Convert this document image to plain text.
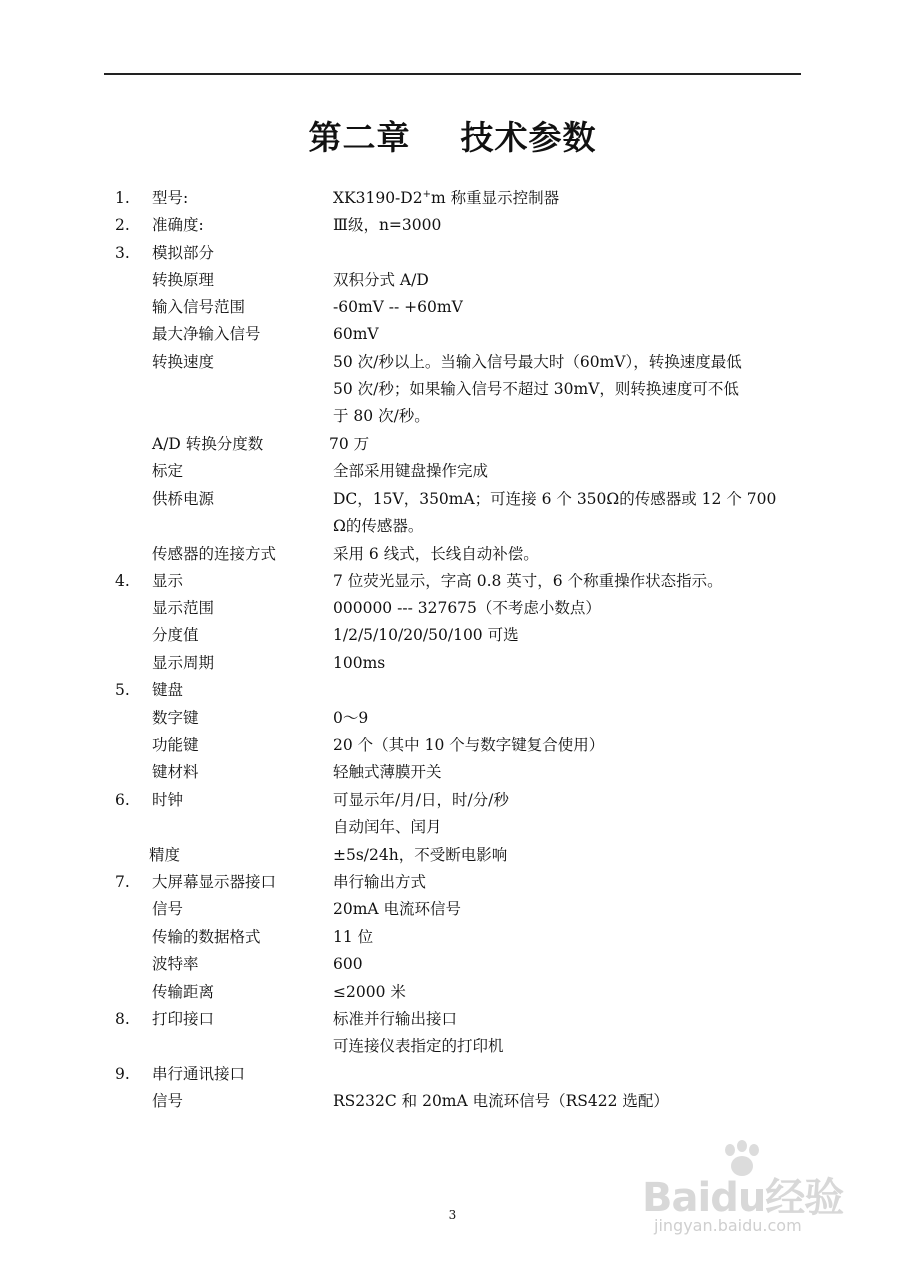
第二章 技术参数
1. 型号:	XK3190-D2+m 称重显示控制器
2. 准确度:	Ⅲ级，n=3000
3. 模拟部分
转换原理	双积分式 A/D
输入信号范围	-60mV -- +60mV
最大净输入信号	60mV
转换速度	50 次/秒以上。当输入信号最大时（60mV），转换速度最低
50 次/秒；如果输入信号不超过 30mV，则转换速度可不低
于 80 次/秒。
A/D 转换分度数	70 万
标定	全部采用键盘操作完成
供桥电源	DC，15V，350mA；可连接 6 个 350Ω的传感器或 12 个 700
Ω的传感器。
传感器的连接方式	采用 6 线式，长线自动补偿。
4. 显示	7 位荧光显示，字高 0.8 英寸，6 个称重操作状态指示。
显示范围	000000 --- 327675（不考虑小数点）
分度值	1/2/5/10/20/50/100 可选
显示周期	100ms
5. 键盘
数字键	0～9
功能键	20 个（其中 10 个与数字键复合使用）
键材料	轻触式薄膜开关
6. 时钟	可显示年/月/日，时/分/秒
自动闰年、闰月
精度	±5s/24h，不受断电影响
7. 大屏幕显示器接口	串行输出方式
信号	20mA 电流环信号
传输的数据格式	11 位
波特率	600
传输距离	≤2000 米
8. 打印接口	标准并行输出接口
可连接仪表指定的打印机
9. 串行通讯接口
信号	RS232C 和 20mA 电流环信号（RS422 选配）
Baidu经验
jingyan.baidu.com
3
